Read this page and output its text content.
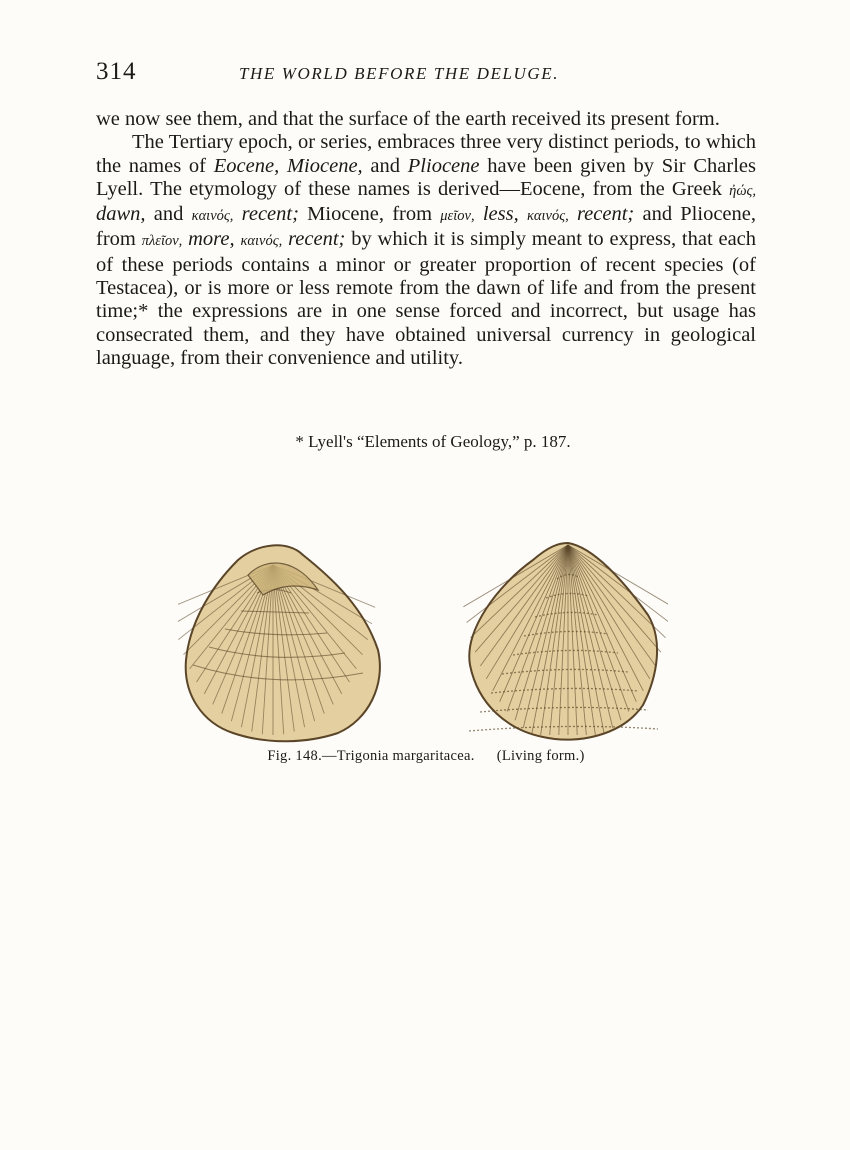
314	THE WORLD BEFORE THE DELUGE.

we now see them, and that the surface of the earth received its present form.

The Tertiary epoch, or series, embraces three very distinct periods, to which the names of Eocene, Miocene, and Pliocene have been given by Sir Charles Lyell. The etymology of these names is derived—Eocene, from the Greek ἠώς, dawn, and καινός, recent; Miocene, from μεῖον, less, καινός, recent; and Pliocene, from πλεῖον, more, καινός, recent; by which it is simply meant to express, that each of these periods contains a minor or greater proportion of recent species (of Testacea), or is more or less remote from the dawn of life and from the present time;* the expressions are in one sense forced and incorrect, but usage has consecrated them, and they have obtained universal currency in geological language, from their convenience and utility.

* Lyell's “Elements of Geology,” p. 187.
Fig. 148.—Trigonia margaritacea. (Living form.)
